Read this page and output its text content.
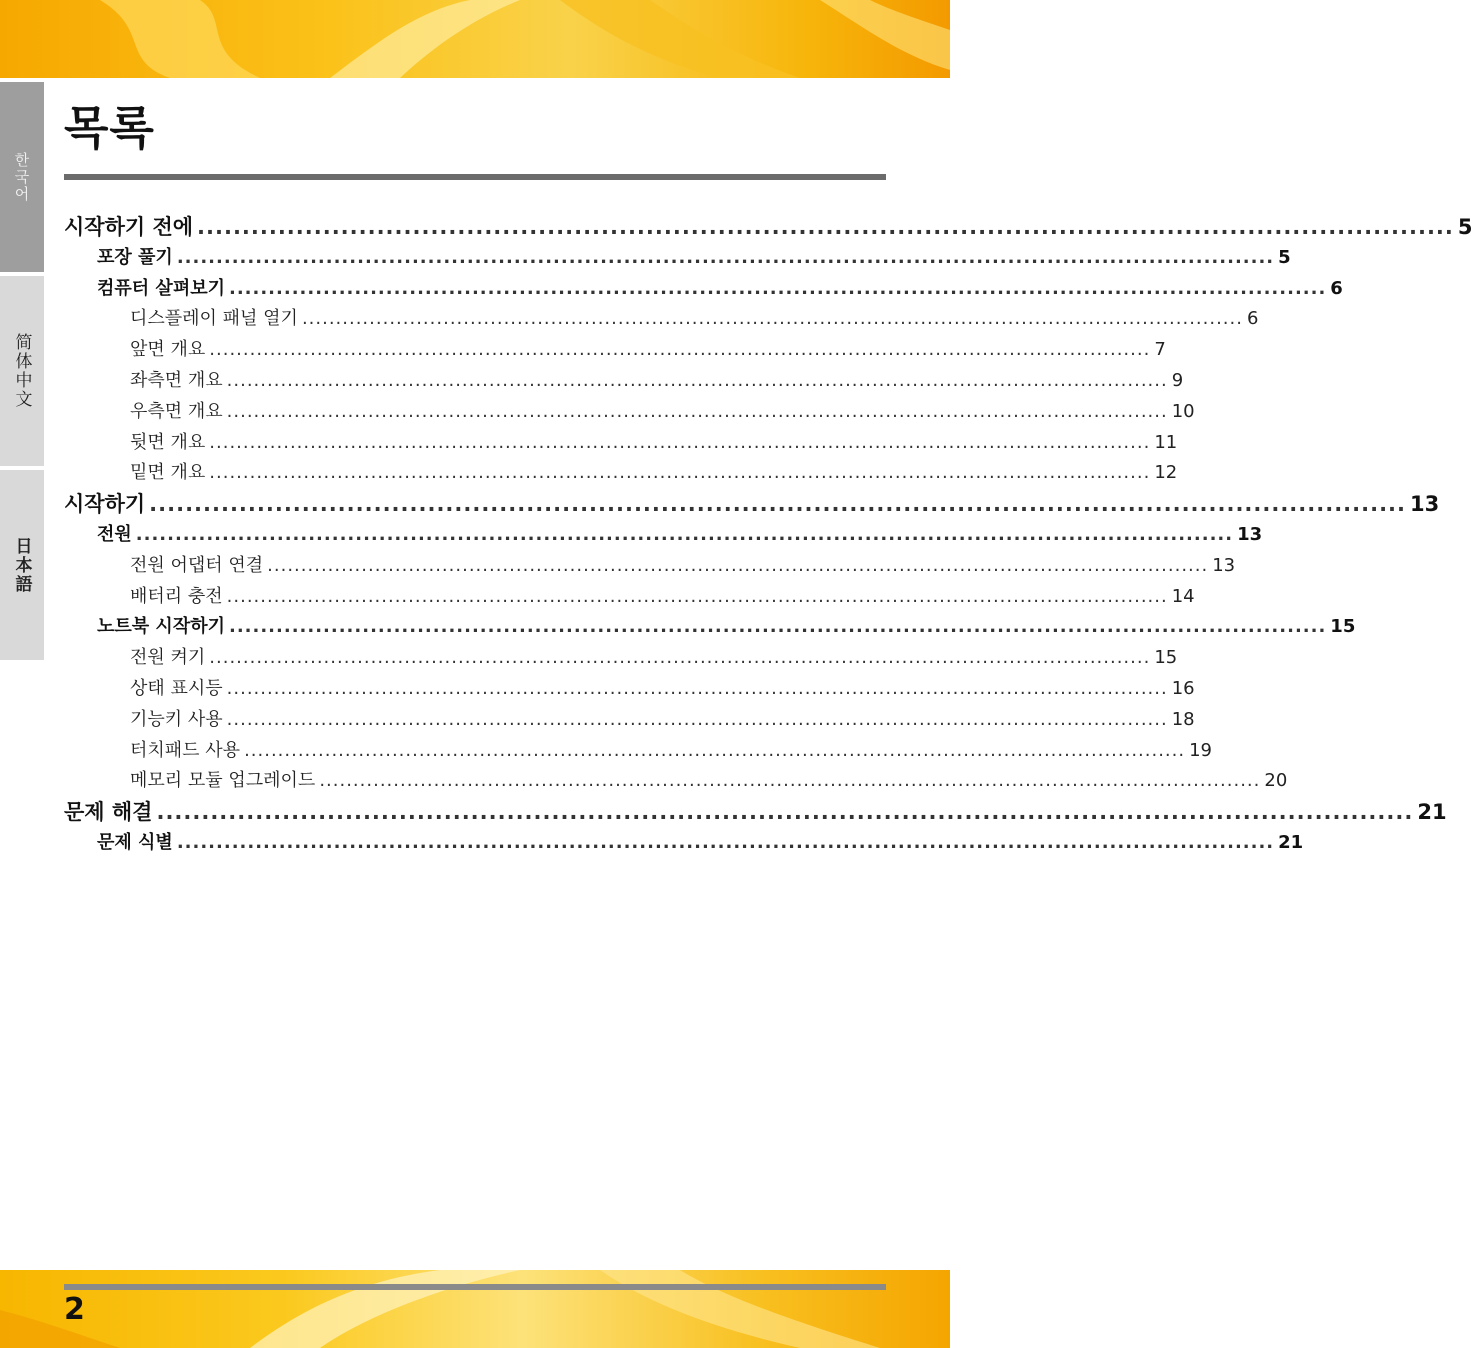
한국어
简体中文
日本語
목록
시작하기 전에 ............................................................................................................................................ 5
포장 풀기 ............................................................................................................................................ 5
컴퓨터 살펴보기 ............................................................................................................................................ 6
디스플레이 패널 열기 ............................................................................................................................................ 6
앞면 개요 ............................................................................................................................................ 7
좌측면 개요 ............................................................................................................................................ 9
우측면 개요 ............................................................................................................................................ 10
뒷면 개요 ............................................................................................................................................ 11
밑면 개요 ............................................................................................................................................ 12
시작하기 ............................................................................................................................................ 13
전원 ............................................................................................................................................ 13
전원 어댑터 연결 ............................................................................................................................................ 13
배터리 충전 ............................................................................................................................................ 14
노트북 시작하기 ............................................................................................................................................ 15
전원 켜기 ............................................................................................................................................ 15
상태 표시등 ............................................................................................................................................ 16
기능키 사용 ............................................................................................................................................ 18
터치패드 사용 ............................................................................................................................................ 19
메모리 모듈 업그레이드 ............................................................................................................................................ 20
문제 해결 ............................................................................................................................................ 21
문제 식별 ............................................................................................................................................ 21
2
